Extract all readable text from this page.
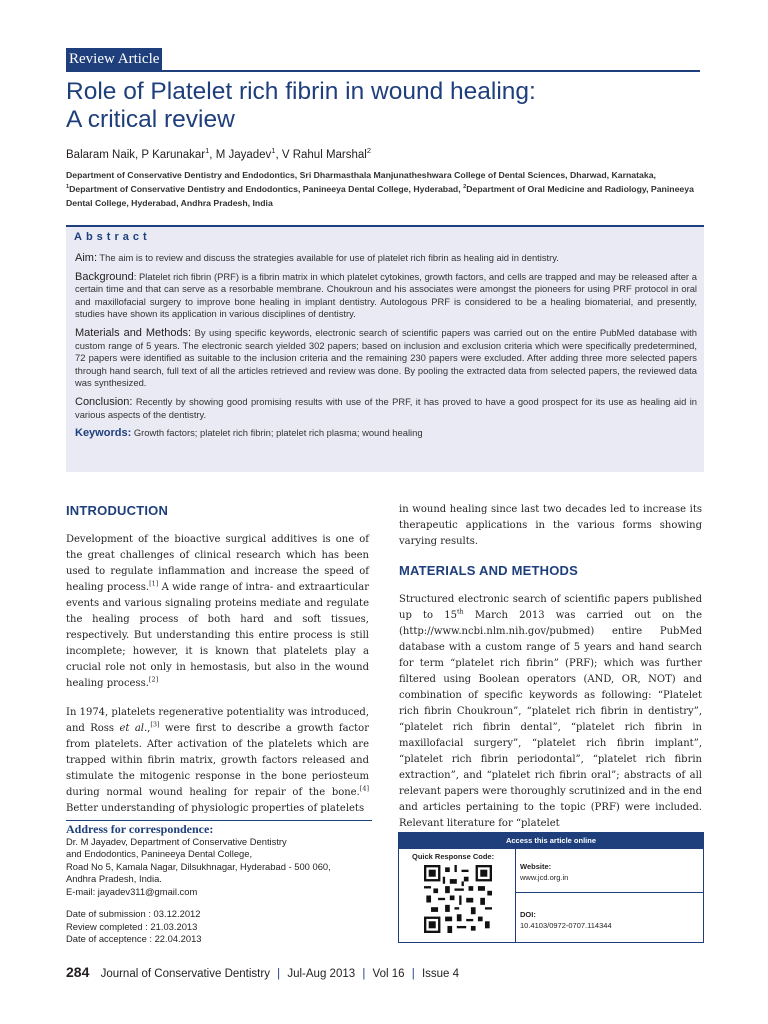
Review Article
Role of Platelet rich fibrin in wound healing:
A critical review
Balaram Naik, P Karunakar$^1$, M Jayadev$^1$, V Rahul Marshal$^2$
Department of Conservative Dentistry and Endodontics, Sri Dharmasthala Manjunatheshwara College of Dental Sciences, Dharwad, Karnataka, $^1$Department of Conservative Dentistry and Endodontics, Panineeya Dental College, Hyderabad, $^2$Department of Oral Medicine and Radiology, Panineeya Dental College, Hyderabad, Andhra Pradesh, India
Abstract

Aim: The aim is to review and discuss the strategies available for use of platelet rich fibrin as healing aid in dentistry.

Background: Platelet rich fibrin (PRF) is a fibrin matrix in which platelet cytokines, growth factors, and cells are trapped and may be released after a certain time and that can serve as a resorbable membrane. Choukroun and his associates were amongst the pioneers for using PRF protocol in oral and maxillofacial surgery to improve bone healing in implant dentistry. Autologous PRF is considered to be a healing biomaterial, and presently, studies have shown its application in various disciplines of dentistry.

Materials and Methods: By using specific keywords, electronic search of scientific papers was carried out on the entire PubMed database with custom range of 5 years. The electronic search yielded 302 papers; based on inclusion and exclusion criteria which were specifically predetermined, 72 papers were identified as suitable to the inclusion criteria and the remaining 230 papers were excluded. After adding three more selected papers through hand search, full text of all the articles retrieved and review was done. By pooling the extracted data from selected papers, the reviewed data was synthesized.

Conclusion: Recently by showing good promising results with use of the PRF, it has proved to have a good prospect for its use as healing aid in various aspects of the dentistry.

Keywords: Growth factors; platelet rich fibrin; platelet rich plasma; wound healing

INTRODUCTION

Development of the bioactive surgical additives is one of the great challenges of clinical research which has been used to regulate inflammation and increase the speed of healing process.[1] A wide range of intra- and extraarticular events and various signaling proteins mediate and regulate the healing process of both hard and soft tissues, respectively. But understanding this entire process is still incomplete; however, it is known that platelets play a crucial role not only in hemostasis, but also in the wound healing process.[2]

In 1974, platelets regenerative potentiality was introduced, and Ross et al.,[3] were first to describe a growth factor from platelets. After activation of the platelets which are trapped within fibrin matrix, growth factors released and stimulate the mitogenic response in the bone periosteum during normal wound healing for repair of the bone.[4] Better understanding of physiologic properties of platelets

Address for correspondence:
Dr. M Jayadev, Department of Conservative Dentistry
and Endodontics, Panineeya Dental College,
Road No 5, Kamala Nagar, Dilsukhnagar, Hyderabad - 500 060,
Andhra Pradesh, India.
E-mail: jayadev311@gmail.com
Date of submission : 03.12.2012
Review completed : 21.03.2013
Date of acceptence : 22.04.2013

in wound healing since last two decades led to increase its therapeutic applications in the various forms showing varying results.

MATERIALS AND METHODS

Structured electronic search of scientific papers published up to 15th March 2013 was carried out on the (http://www.ncbi.nlm.nih.gov/pubmed) entire PubMed database with a custom range of 5 years and hand search for term “platelet rich fibrin” (PRF); which was further filtered using Boolean operators (AND, OR, NOT) and combination of specific keywords as following: “Platelet rich fibrin Choukroun”, “platelet rich fibrin in dentistry”, “platelet rich fibrin dental”, “platelet rich fibrin in maxillofacial surgery”, “platelet rich fibrin implant”, “platelet rich fibrin periodontal”, “platelet rich fibrin extraction”, and “platelet rich fibrin oral”; abstracts of all relevant papers were thoroughly scrutinized and in the end and articles pertaining to the topic (PRF) were included. Relevant literature for “platelet

Access this article online
Quick Response Code:
Website:
www.jcd.org.in
DOI:
10.4103/0972-0707.114344
284 Journal of Conservative Dentistry | Jul-Aug 2013 | Vol 16 | Issue 4
